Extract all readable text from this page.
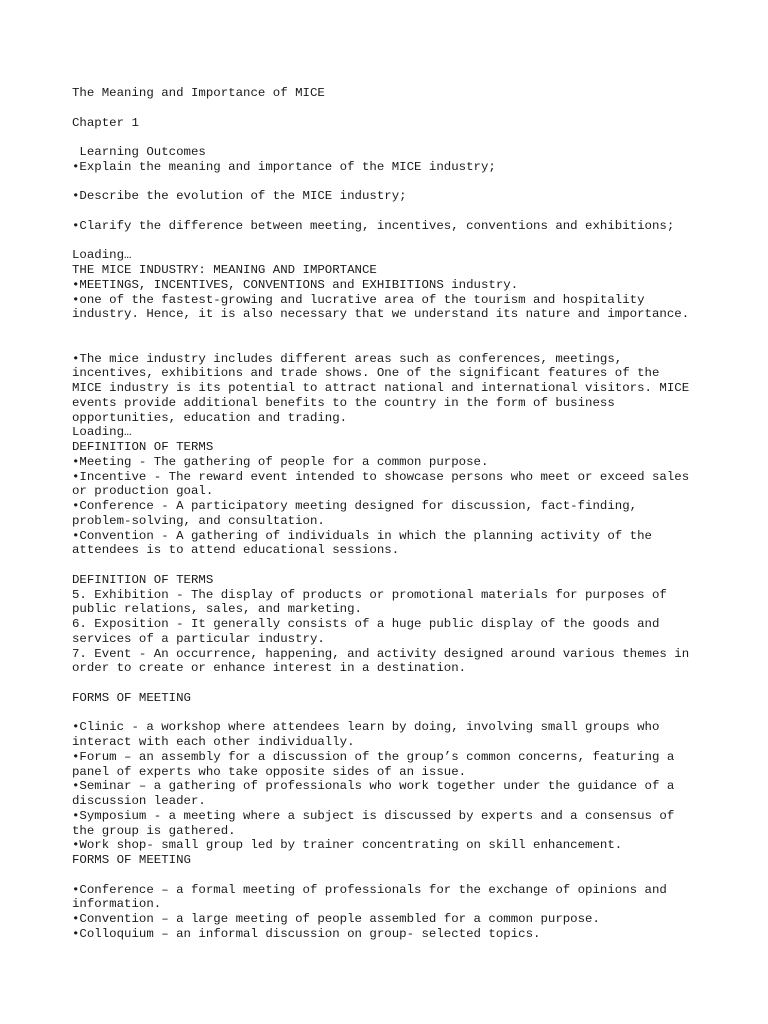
The Meaning and Importance of MICE
Chapter 1
Learning Outcomes
•Explain the meaning and importance of the MICE industry;
•Describe the evolution of the MICE industry;
•Clarify the difference between meeting, incentives, conventions and exhibitions;
Loading…
THE MICE INDUSTRY: MEANING AND IMPORTANCE
•MEETINGS, INCENTIVES, CONVENTIONS and EXHIBITIONS industry.
•one of the fastest-growing and lucrative area of the tourism and hospitality
industry. Hence, it is also necessary that we understand its nature and importance.
•The mice industry includes different areas such as conferences, meetings,
incentives, exhibitions and trade shows. One of the significant features of the
MICE industry is its potential to attract national and international visitors. MICE
events provide additional benefits to the country in the form of business
opportunities, education and trading.
Loading…
DEFINITION OF TERMS
•Meeting - The gathering of people for a common purpose.
•Incentive - The reward event intended to showcase persons who meet or exceed sales
or production goal.
•Conference - A participatory meeting designed for discussion, fact-finding,
problem-solving, and consultation.
•Convention - A gathering of individuals in which the planning activity of the
attendees is to attend educational sessions.
DEFINITION OF TERMS
5. Exhibition - The display of products or promotional materials for purposes of
public relations, sales, and marketing.
6. Exposition - It generally consists of a huge public display of the goods and
services of a particular industry.
7. Event - An occurrence, happening, and activity designed around various themes in
order to create or enhance interest in a destination.
FORMS OF MEETING
•Clinic - a workshop where attendees learn by doing, involving small groups who
interact with each other individually.
•Forum – an assembly for a discussion of the group’s common concerns, featuring a
panel of experts who take opposite sides of an issue.
•Seminar – a gathering of professionals who work together under the guidance of a
discussion leader.
•Symposium - a meeting where a subject is discussed by experts and a consensus of
the group is gathered.
•Work shop- small group led by trainer concentrating on skill enhancement.
FORMS OF MEETING
•Conference – a formal meeting of professionals for the exchange of opinions and
information.
•Convention – a large meeting of people assembled for a common purpose.
•Colloquium – an informal discussion on group- selected topics.
